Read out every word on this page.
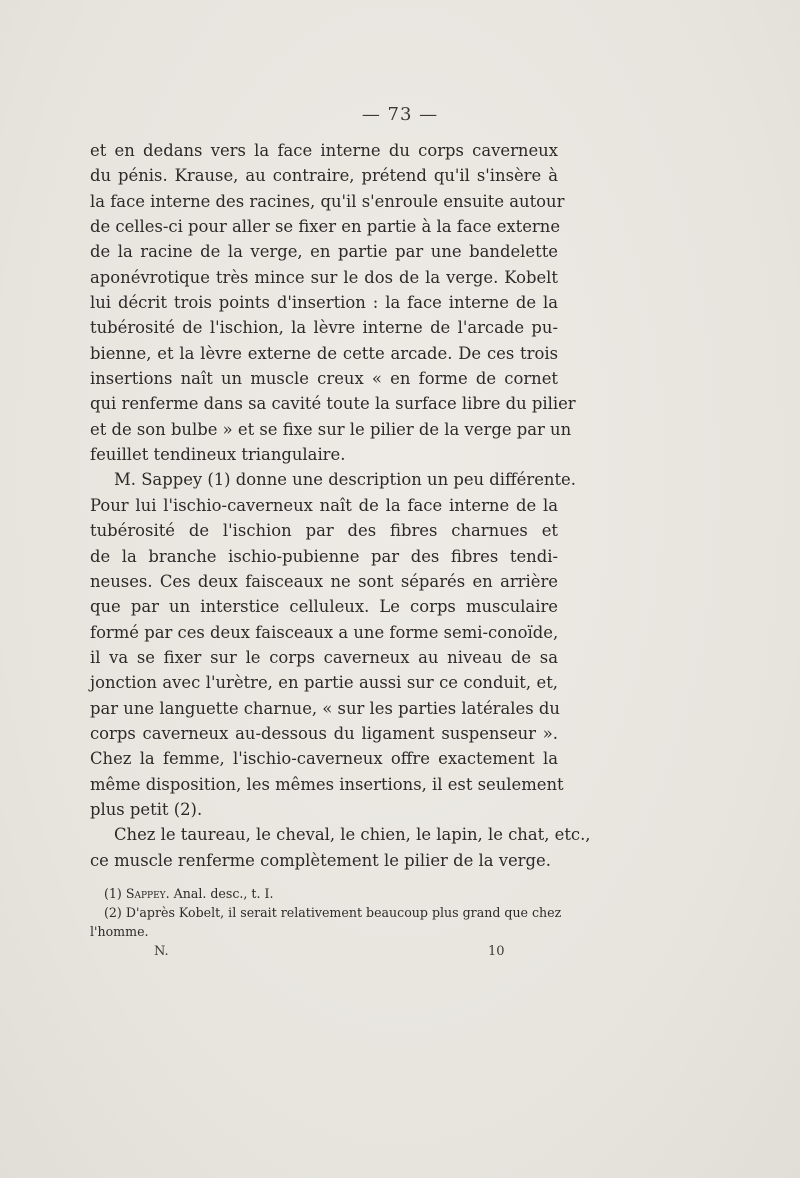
— 73 —
et en dedans vers la face interne du corps caverneux
du pénis. Krause, au contraire, prétend qu'il s'insère à
la face interne des racines, qu'il s'enroule ensuite autour
de celles-ci pour aller se fixer en partie à la face externe
de la racine de la verge, en partie par une bandelette
aponévrotique très mince sur le dos de la verge. Kobelt
lui décrit trois points d'insertion : la face interne de la
tubérosité de l'ischion, la lèvre interne de l'arcade pu-
bienne, et la lèvre externe de cette arcade. De ces trois
insertions naît un muscle creux « en forme de cornet
qui renferme dans sa cavité toute la surface libre du pilier
et de son bulbe » et se fixe sur le pilier de la verge par un
feuillet tendineux triangulaire.
M. Sappey (1) donne une description un peu différente.
Pour lui l'ischio-caverneux naît de la face interne de la
tubérosité de l'ischion par des fibres charnues et
de la branche ischio-pubienne par des fibres tendi-
neuses. Ces deux faisceaux ne sont séparés en arrière
que par un interstice celluleux. Le corps musculaire
formé par ces deux faisceaux a une forme semi-conoïde,
il va se fixer sur le corps caverneux au niveau de sa
jonction avec l'urètre, en partie aussi sur ce conduit, et,
par une languette charnue, « sur les parties latérales du
corps caverneux au-dessous du ligament suspenseur ».
Chez la femme, l'ischio-caverneux offre exactement la
même disposition, les mêmes insertions, il est seulement
plus petit (2).
Chez le taureau, le cheval, le chien, le lapin, le chat, etc.,
ce muscle renferme complètement le pilier de la verge.
(1) Sappey. Anal. desc., t. I.
(2) D'après Kobelt, il serait relativement beaucoup plus grand que chez
l'homme.
N.	10
